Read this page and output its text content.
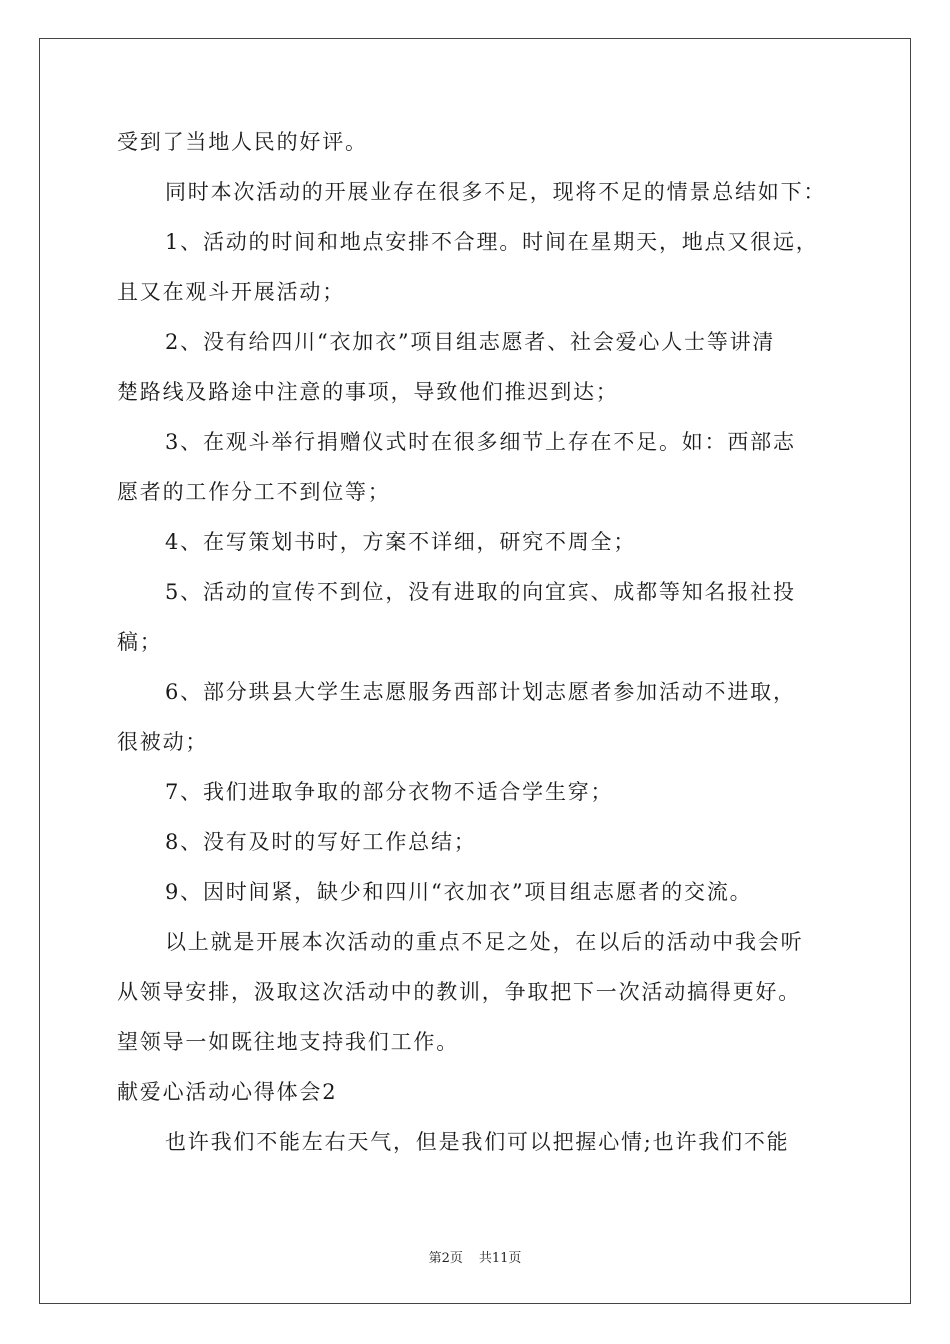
受到了当地人民的好评。
同时本次活动的开展业存在很多不足，现将不足的情景总结如下：
1、活动的时间和地点安排不合理。时间在星期天，地点又很远，
且又在观斗开展活动；
2、没有给四川“衣加衣”项目组志愿者、社会爱心人士等讲清
楚路线及路途中注意的事项，导致他们推迟到达；
3、在观斗举行捐赠仪式时在很多细节上存在不足。如：西部志
愿者的工作分工不到位等；
4、在写策划书时，方案不详细，研究不周全；
5、活动的宣传不到位，没有进取的向宜宾、成都等知名报社投
稿；
6、部分珙县大学生志愿服务西部计划志愿者参加活动不进取，
很被动；
7、我们进取争取的部分衣物不适合学生穿；
8、没有及时的写好工作总结；
9、因时间紧，缺少和四川“衣加衣”项目组志愿者的交流。
以上就是开展本次活动的重点不足之处，在以后的活动中我会听
从领导安排，汲取这次活动中的教训，争取把下一次活动搞得更好。
望领导一如既往地支持我们工作。
献爱心活动心得体会2
也许我们不能左右天气，但是我们可以把握心情;也许我们不能
第2页 共11页
